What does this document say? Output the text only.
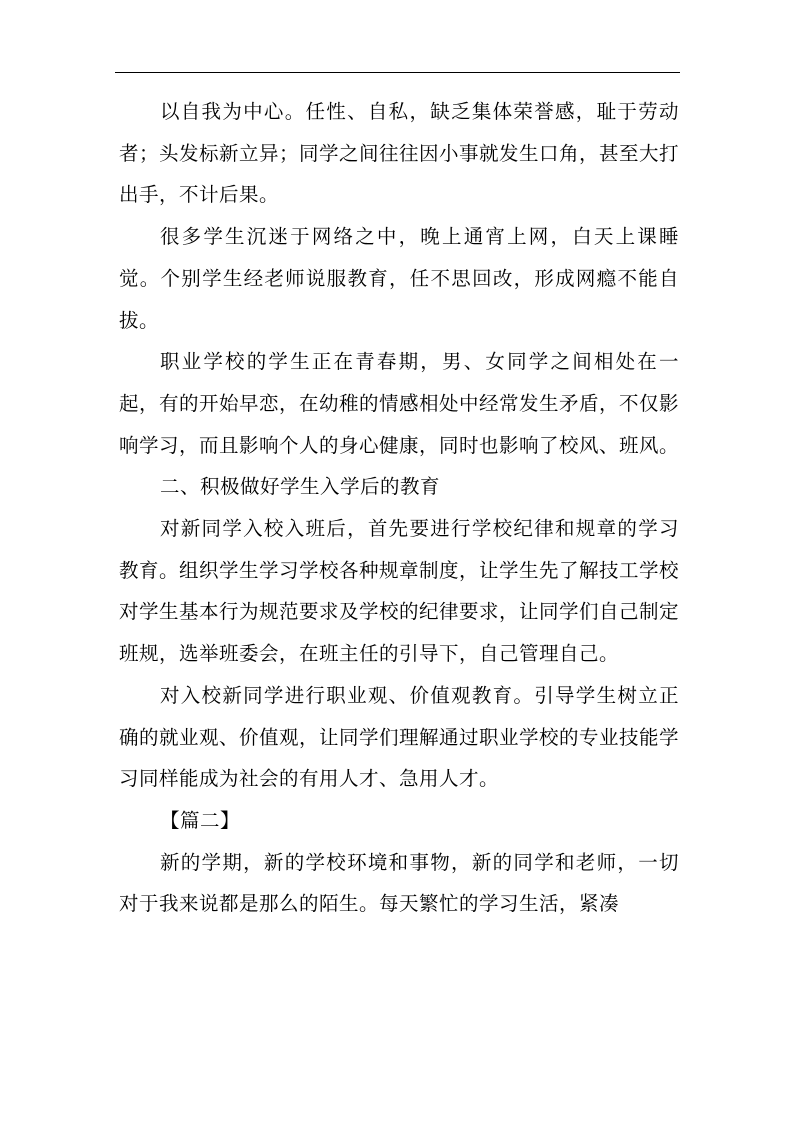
以自我为中心。任性、自私，缺乏集体荣誉感，耻于劳动者；头发标新立异；同学之间往往因小事就发生口角，甚至大打出手，不计后果。

很多学生沉迷于网络之中，晚上通宵上网，白天上课睡觉。个别学生经老师说服教育，任不思回改，形成网瘾不能自拔。

职业学校的学生正在青春期，男、女同学之间相处在一起，有的开始早恋，在幼稚的情感相处中经常发生矛盾，不仅影响学习，而且影响个人的身心健康，同时也影响了校风、班风。

二、积极做好学生入学后的教育

对新同学入校入班后，首先要进行学校纪律和规章的学习教育。组织学生学习学校各种规章制度，让学生先了解技工学校对学生基本行为规范要求及学校的纪律要求，让同学们自己制定班规，选举班委会，在班主任的引导下，自己管理自己。

对入校新同学进行职业观、价值观教育。引导学生树立正确的就业观、价值观，让同学们理解通过职业学校的专业技能学习同样能成为社会的有用人才、急用人才。

【篇二】

新的学期，新的学校环境和事物，新的同学和老师，一切对于我来说都是那么的陌生。每天繁忙的学习生活，紧凑
